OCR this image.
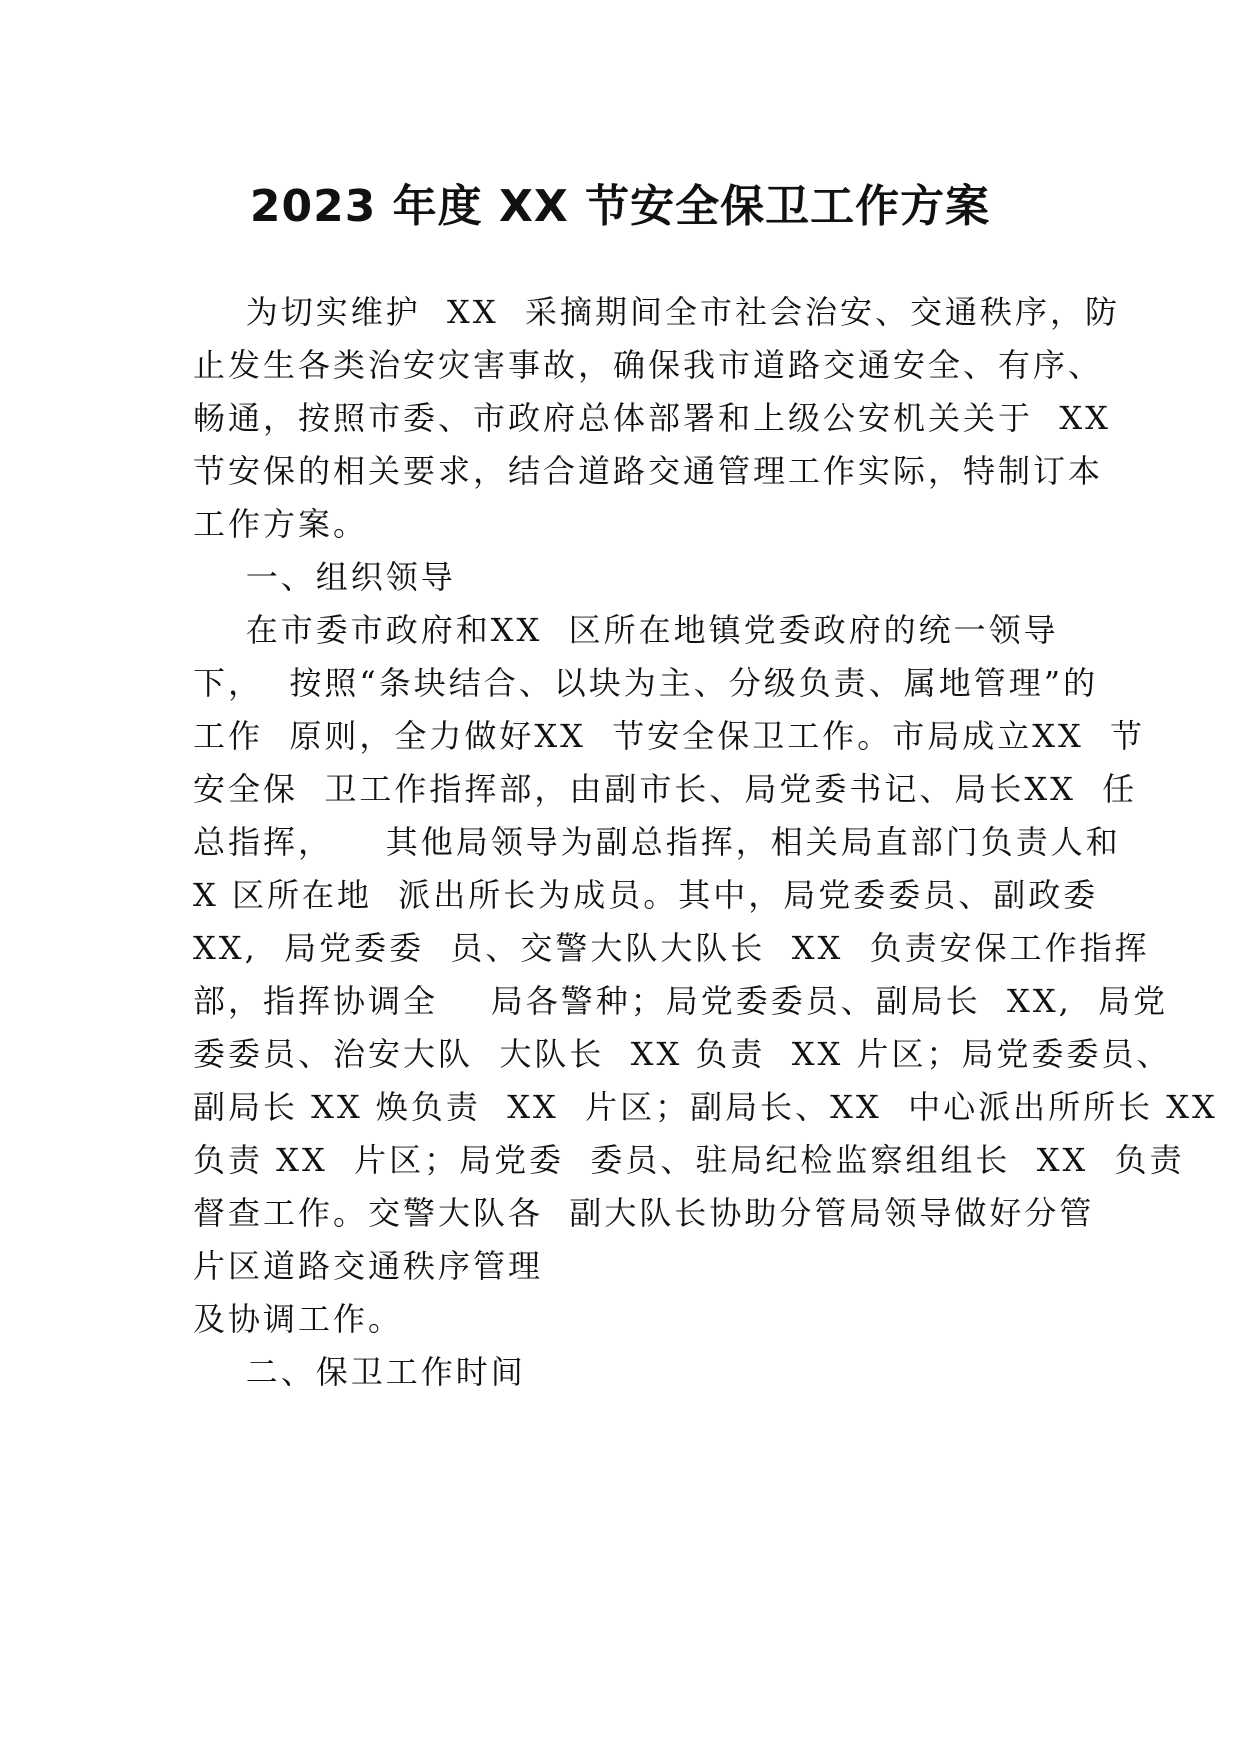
2023 年度 XX 节安全保卫工作方案
为切实维护  XX  采摘期间全市社会治安、交通秩序，防
止发生各类治安灾害事故，确保我市道路交通安全、有序、
畅通，按照市委、市政府总体部署和上级公安机关关于  XX
节安保的相关要求，结合道路交通管理工作实际，特制订本
工作方案。
一、组织领导
在市委市政府和XX  区所在地镇党委政府的统一领导
下，  按照“条块结合、以块为主、分级负责、属地管理”的
工作  原则，全力做好XX  节安全保卫工作。市局成立XX  节
安全保  卫工作指挥部，由副市长、局党委书记、局长XX  任
总指挥，    其他局领导为副总指挥，相关局直部门负责人和
X 区所在地  派出所长为成员。其中，局党委委员、副政委
XX,  局党委委  员、交警大队大队长  XX  负责安保工作指挥
部，指挥协调全    局各警种；局党委委员、副局长  XX,  局党
委委员、治安大队  大队长  XX 负责  XX 片区；局党委委员、
副局长 XX 焕负责  XX  片区；副局长、XX  中心派出所所长 XX
负责 XX  片区；局党委  委员、驻局纪检监察组组长  XX  负责
督查工作。交警大队各  副大队长协助分管局领导做好分管
片区道路交通秩序管理
及协调工作。
二、保卫工作时间
